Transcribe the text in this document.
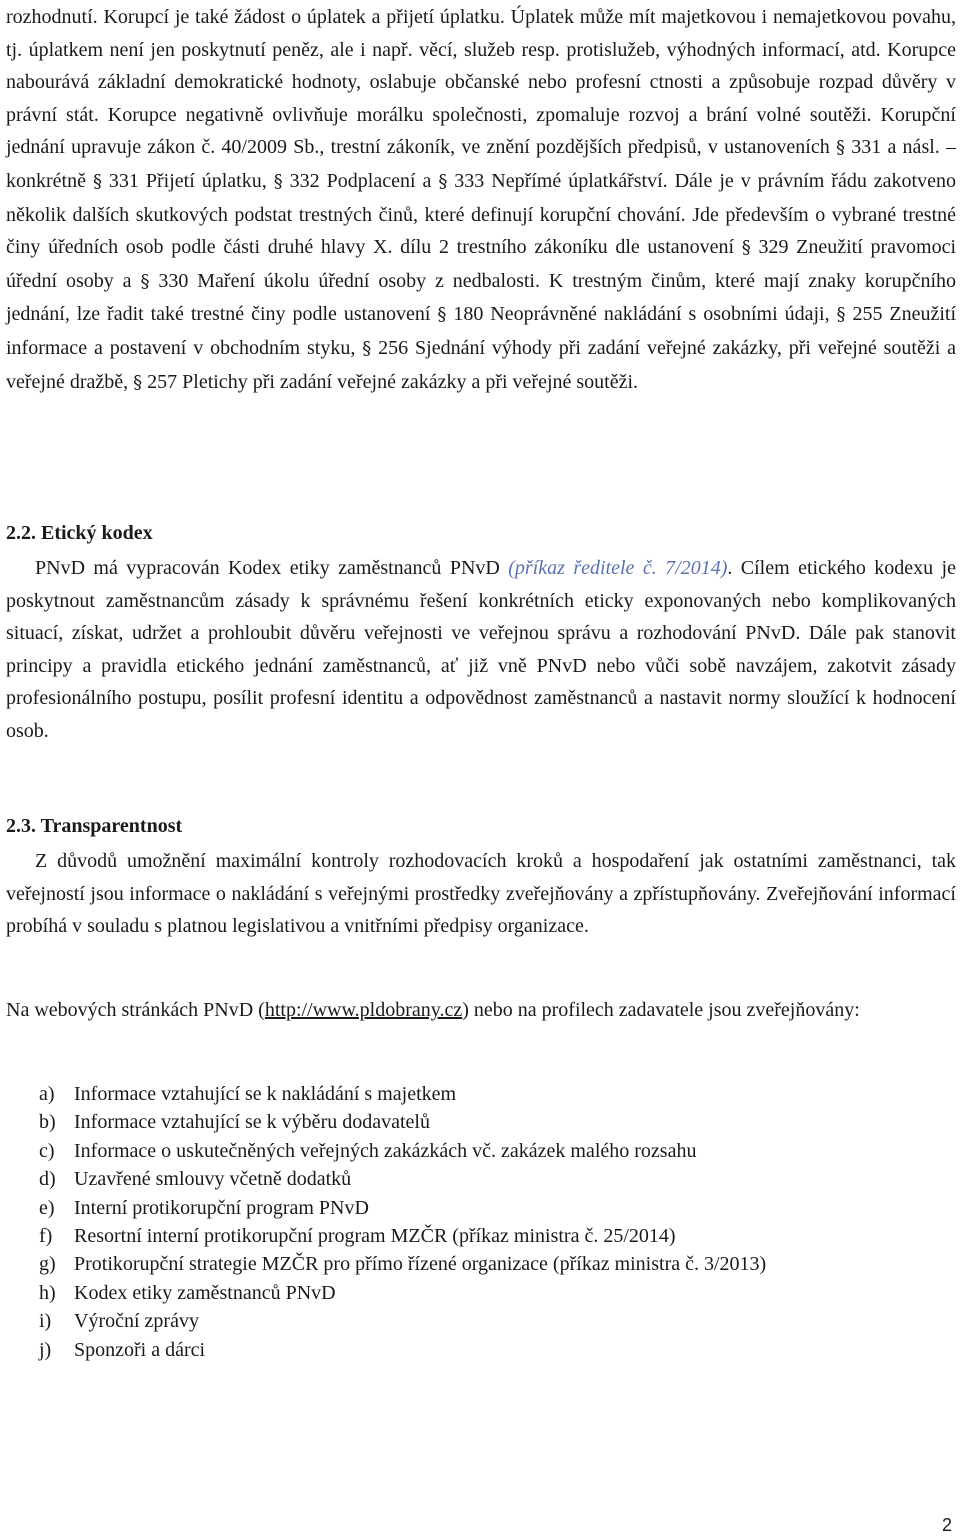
rozhodnutí. Korupcí je také žádost o úplatek a přijetí úplatku. Úplatek může mít majetkovou i nemajetkovou povahu, tj. úplatkem není jen poskytnutí peněz, ale i např. věcí, služeb resp. protislužeb, výhodných informací, atd. Korupce nabourává základní demokratické hodnoty, oslabuje občanské nebo profesní ctnosti a způsobuje rozpad důvěry v právní stát. Korupce negativně ovlivňuje morálku společnosti, zpomaluje rozvoj a brání volné soutěži. Korupční jednání upravuje zákon č. 40/2009 Sb., trestní zákoník, ve znění pozdějších předpisů, v ustanoveních § 331 a násl. – konkrétně § 331 Přijetí úplatku, § 332 Podplacení a § 333 Nepřímé úplatkářství. Dále je v právním řádu zakotveno několik dalších skutkových podstat trestných činů, které definují korupční chování. Jde především o vybrané trestné činy úředních osob podle části druhé hlavy X. dílu 2 trestního zákoníku dle ustanovení § 329 Zneužití pravomoci úřední osoby a § 330 Maření úkolu úřední osoby z nedbalosti. K trestným činům, které mají znaky korupčního jednání, lze řadit také trestné činy podle ustanovení § 180 Neoprávněné nakládání s osobními údaji, § 255 Zneužití informace a postavení v obchodním styku, § 256 Sjednání výhody při zadání veřejné zakázky, při veřejné soutěži a veřejné dražbě, § 257 Pletichy při zadání veřejné zakázky a při veřejné soutěži.

2.2. Etický kodex

PNvD má vypracován Kodex etiky zaměstnanců PNvD (příkaz ředitele č. 7/2014). Cílem etického kodexu je poskytnout zaměstnancům zásady k správnému řešení konkrétních eticky exponovaných nebo komplikovaných situací, získat, udržet a prohloubit důvěru veřejnosti ve veřejnou správu a rozhodování PNvD. Dále pak stanovit principy a pravidla etického jednání zaměstnanců, ať již vně PNvD nebo vůči sobě navzájem, zakotvit zásady profesionálního postupu, posílit profesní identitu a odpovědnost zaměstnanců a nastavit normy sloužící k hodnocení osob.

2.3. Transparentnost

Z důvodů umožnění maximální kontroly rozhodovacích kroků a hospodaření jak ostatními zaměstnanci, tak veřejností jsou informace o nakládání s veřejnými prostředky zveřejňovány a zpřístupňovány. Zveřejňování informací probíhá v souladu s platnou legislativou a vnitřními předpisy organizace.

Na webových stránkách PNvD (http://www.pldobrany.cz) nebo na profilech zadavatele jsou zveřejňovány:

a) Informace vztahující se k nakládání s majetkem
b) Informace vztahující se k výběru dodavatelů
c) Informace o uskutečněných veřejných zakázkách vč. zakázek malého rozsahu
d) Uzavřené smlouvy včetně dodatků
e) Interní protikorupční program PNvD
f)	Resortní interní protikorupční program MZČR (příkaz ministra č. 25/2014)
g) Protikorupční strategie MZČR pro přímo řízené organizace (příkaz ministra č. 3/2013)
h) Kodex etiky zaměstnanců PNvD
i)	Výroční zprávy
j)	Sponzoři a dárci
2
